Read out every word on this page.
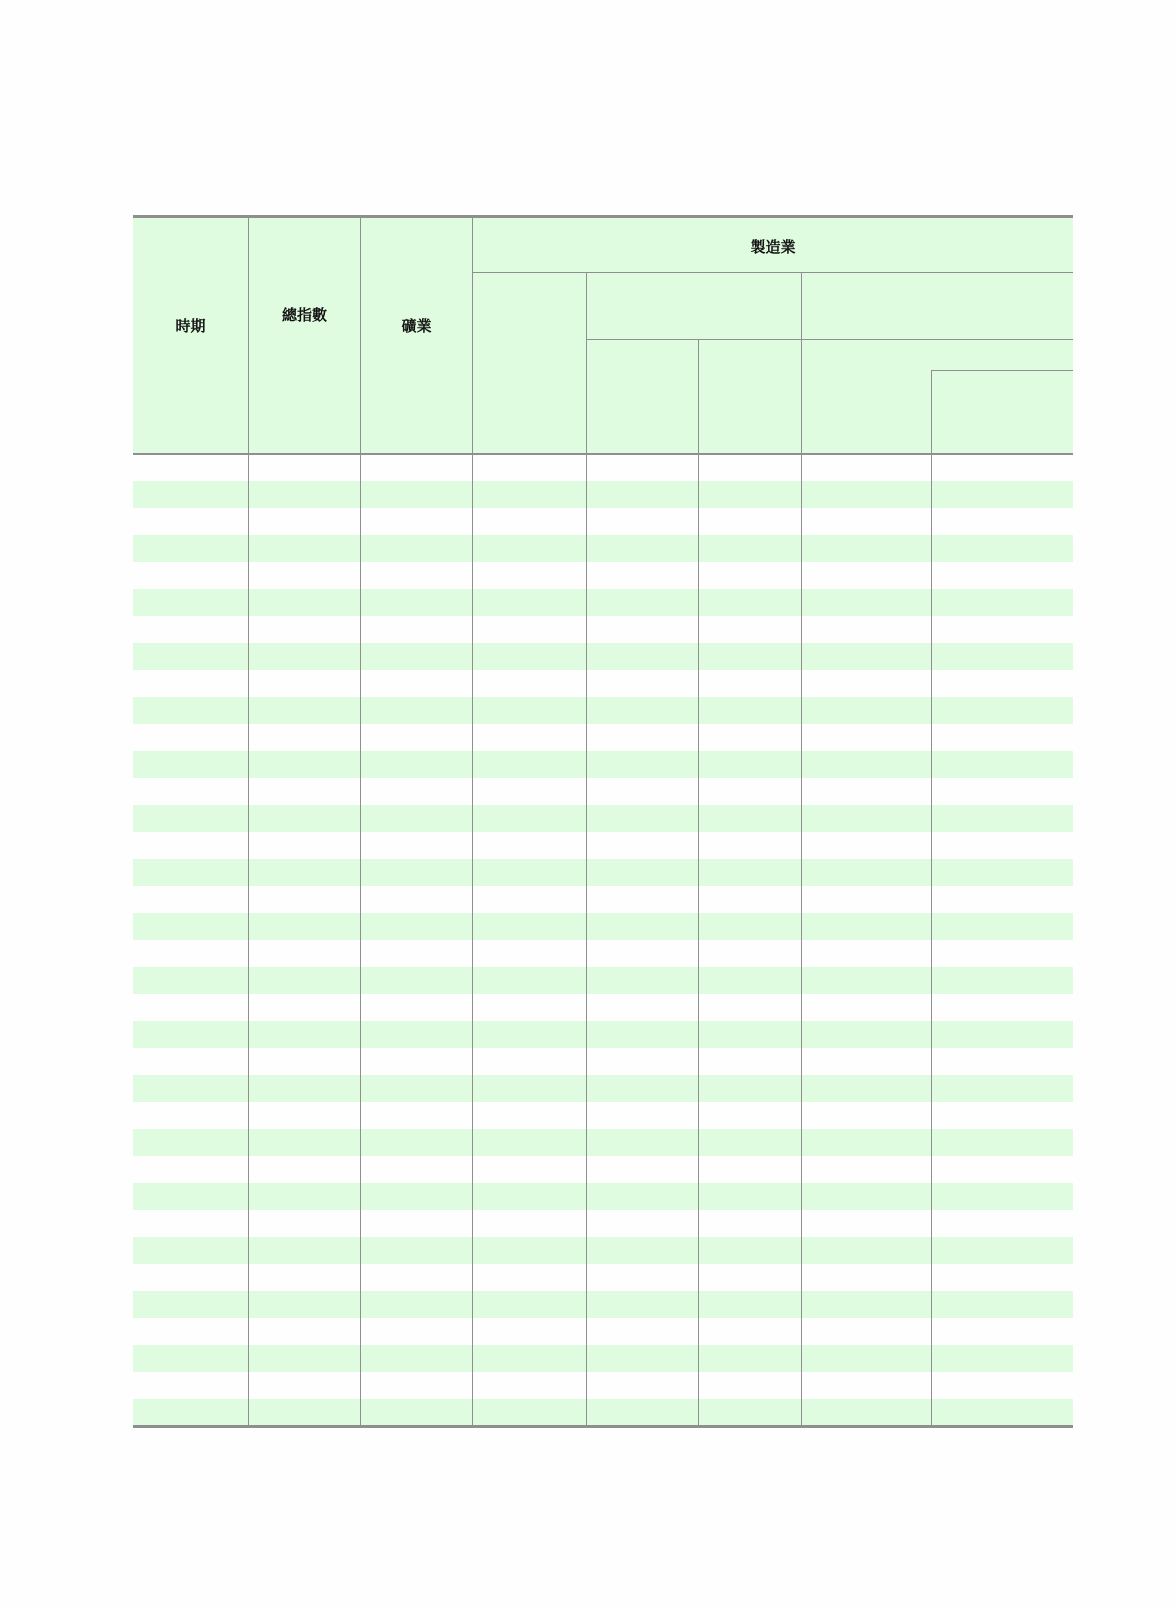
時期
總指數
礦業
製造業
